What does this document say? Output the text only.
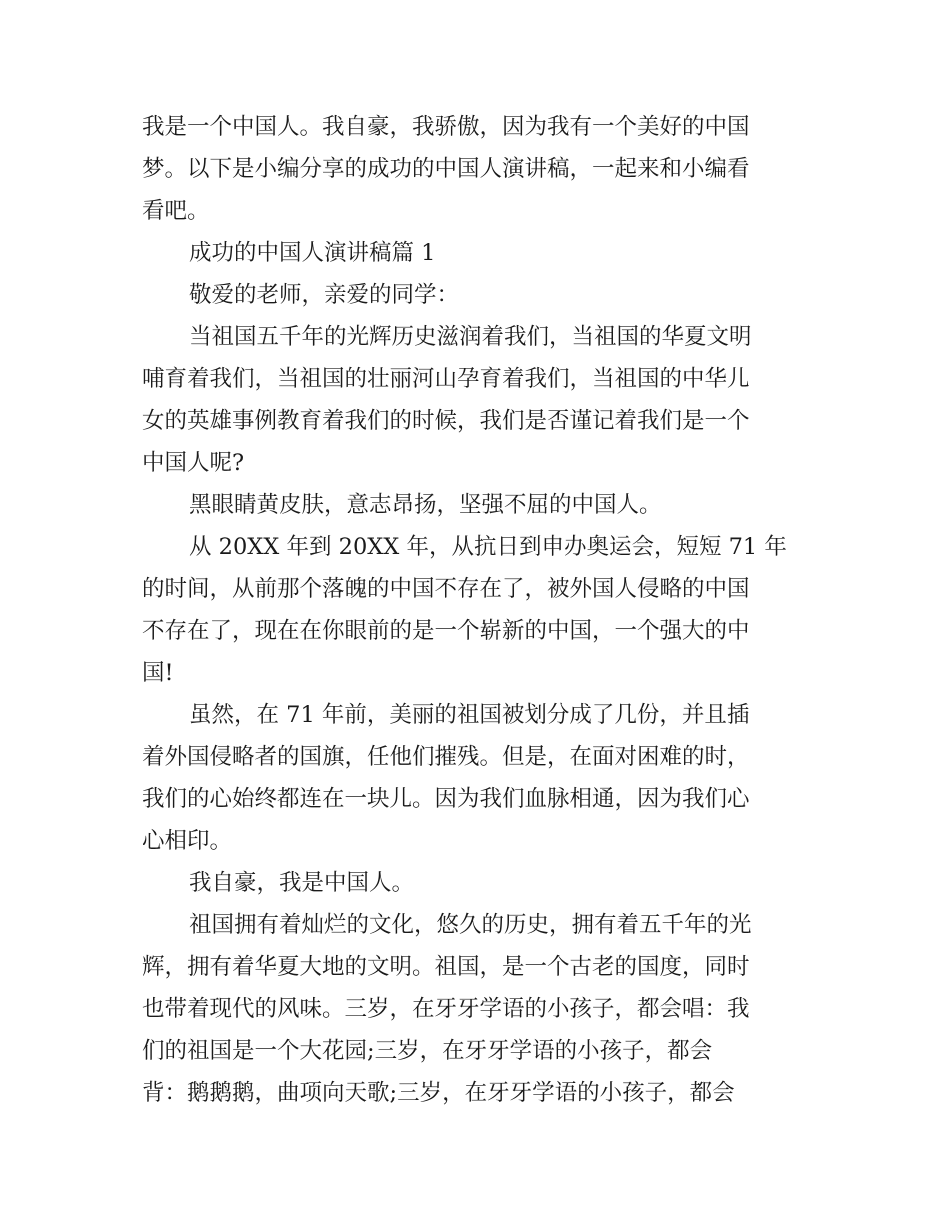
我是一个中国人。我自豪，我骄傲，因为我有一个美好的中国
梦。以下是小编分享的成功的中国人演讲稿，一起来和小编看
看吧。
成功的中国人演讲稿篇 1
敬爱的老师，亲爱的同学：
当祖国五千年的光辉历史滋润着我们，当祖国的华夏文明
哺育着我们，当祖国的壮丽河山孕育着我们，当祖国的中华儿
女的英雄事例教育着我们的时候，我们是否谨记着我们是一个
中国人呢?
黑眼睛黄皮肤，意志昂扬，坚强不屈的中国人。
从 20XX 年到 20XX 年，从抗日到申办奥运会，短短 71 年
的时间，从前那个落魄的中国不存在了，被外国人侵略的中国
不存在了，现在在你眼前的是一个崭新的中国，一个强大的中
国!
虽然，在 71 年前，美丽的祖国被划分成了几份，并且插
着外国侵略者的国旗，任他们摧残。但是，在面对困难的时，
我们的心始终都连在一块儿。因为我们血脉相通，因为我们心
心相印。
我自豪，我是中国人。
祖国拥有着灿烂的文化，悠久的历史，拥有着五千年的光
辉，拥有着华夏大地的文明。祖国，是一个古老的国度，同时
也带着现代的风味。三岁，在牙牙学语的小孩子，都会唱：我
们的祖国是一个大花园;三岁，在牙牙学语的小孩子，都会
背：鹅鹅鹅，曲项向天歌;三岁，在牙牙学语的小孩子，都会
